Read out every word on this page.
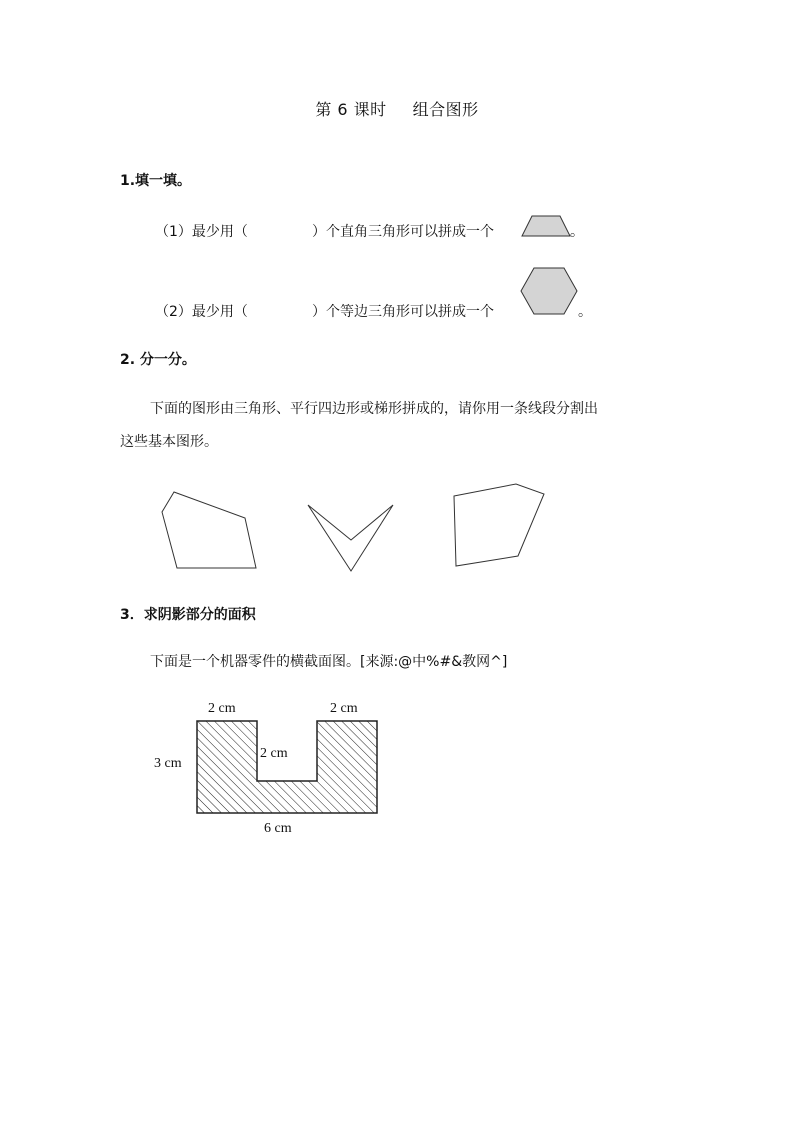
第 6 课时 组合图形
1.填一填。
（1）最少用（	）个直角三角形可以拼成一个	。
（2）最少用（	）个等边三角形可以拼成一个	。
2. 分一分。
下面的图形由三角形、平行四边形或梯形拼成的，请你用一条线段分割出
这些基本图形。
3．求阴影部分的面积
下面是一个机器零件的横截面图。[来源:@中%#&教网^]
2 cm	2 cm
2 cm
3 cm
6 cm
